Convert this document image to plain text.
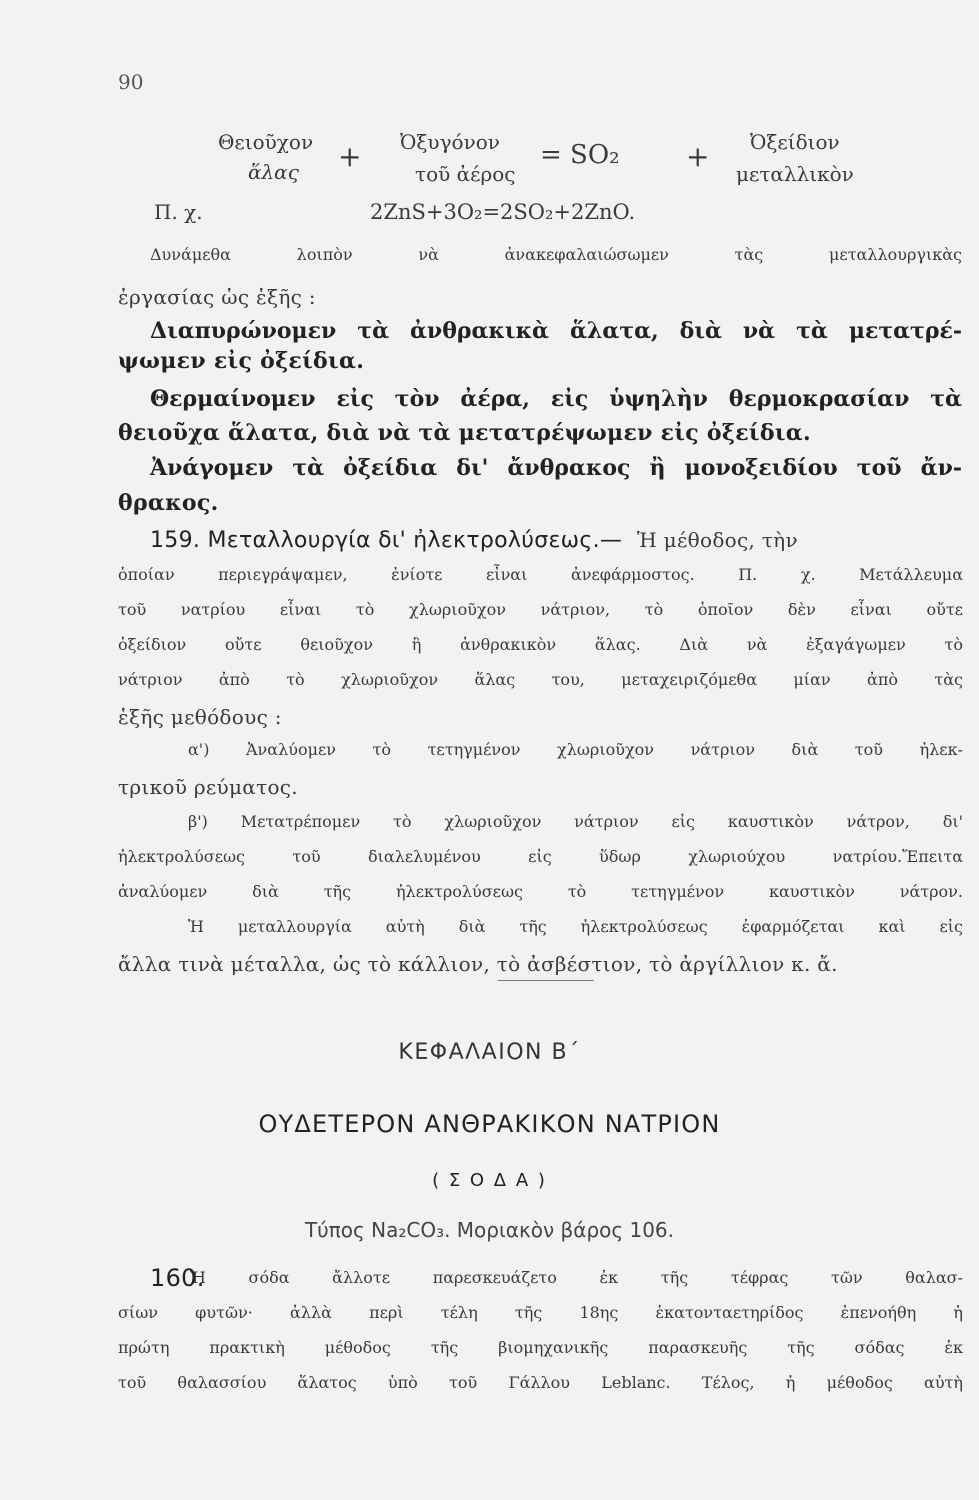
90
Θειοῦχον
ἅλας + Ὀξυγόνον
τοῦ ἀέρος
= SO₂ + Ὀξείδιον
μεταλλικὸν
Π. χ.	2ZnS+3O₂=2SO₂+2ZnO.
Δυνάμεθα λοιπὸν νὰ ἀνακεφαλαιώσωμεν τὰς μεταλλουργικὰς
ἐργασίας ὡς ἑξῆς :
Διαπυρώνομεν τὰ ἀνθρακικὰ ἅλατα, διὰ νὰ τὰ μετατρέ-
ψωμεν εἰς ὀξείδια.
Θερμαίνομεν εἰς τὸν ἀέρα, εἰς ὑψηλὴν θερμοκρασίαν τὰ
θειοῦχα ἅλατα, διὰ νὰ τὰ μετατρέψωμεν εἰς ὀξείδια.
Ἀνάγομεν τὰ ὀξείδια δι' ἄνθρακος ἢ μονοξειδίου τοῦ ἄν-
θρακος.
159. Μεταλλουργία δι' ἠλεκτρολύσεως.— Ἡ μέθοδος, τὴν
ὁποίαν περιεγράψαμεν, ἐνίοτε εἶναι ἀνεφάρμοστος. Π. χ. Μετάλλευμα
τοῦ νατρίου εἶναι τὸ χλωριοῦχον νάτριον, τὸ ὁποῖον δὲν εἶναι οὔτε
ὀξείδιον οὔτε θειοῦχον ἢ ἀνθρακικὸν ἅλας. Διὰ νὰ ἐξαγάγωμεν τὸ
νάτριον ἀπὸ τὸ χλωριοῦχον ἅλας του, μεταχειριζόμεθα μίαν ἀπὸ τὰς
ἑξῆς μεθόδους :
α') Ἀναλύομεν τὸ τετηγμένον χλωριοῦχον νάτριον διὰ τοῦ ἠλεκ-
τρικοῦ ρεύματος.
β') Μετατρέπομεν τὸ χλωριοῦχον νάτριον εἰς καυστικὸν νάτρον, δι'
ἠλεκτρολύσεως τοῦ διαλελυμένου εἰς ὕδωρ χλωριούχου νατρίου.Ἔπειτα
ἀναλύομεν διὰ τῆς ἠλεκτρολύσεως τὸ τετηγμένον καυστικὸν νάτρον.
Ἡ μεταλλουργία αὐτὴ διὰ τῆς ἠλεκτρολύσεως ἐφαρμόζεται καὶ εἰς
ἄλλα τινὰ μέταλλα, ὡς τὸ κάλλιον, τὸ ἀσβέστιον, τὸ ἀργίλλιον κ. ἄ.
ΚΕΦΑΛΑΙΟΝ Β΄
ΟΥΔΕΤΕΡΟΝ ΑΝΘΡΑΚΙΚΟΝ ΝΑΤΡΙΟΝ
( Σ Ο Δ Α )
Τύπος Na₂CO₃. Μοριακὸν βάρος 106.
Ἡ σόδα ἄλλοτε παρεσκευάζετο ἐκ τῆς τέφρας τῶν θαλασ-
160.
σίων φυτῶν· ἀλλὰ περὶ τέλη τῆς 18ης ἑκατονταετηρίδος ἐπενοήθη ἡ
πρώτη πρακτικὴ μέθοδος τῆς βιομηχανικῆς παρασκευῆς τῆς σόδας ἐκ
τοῦ θαλασσίου ἅλατος ὑπὸ τοῦ Γάλλου Leblanc. Τέλος, ἡ μέθοδος αὐτὴ
